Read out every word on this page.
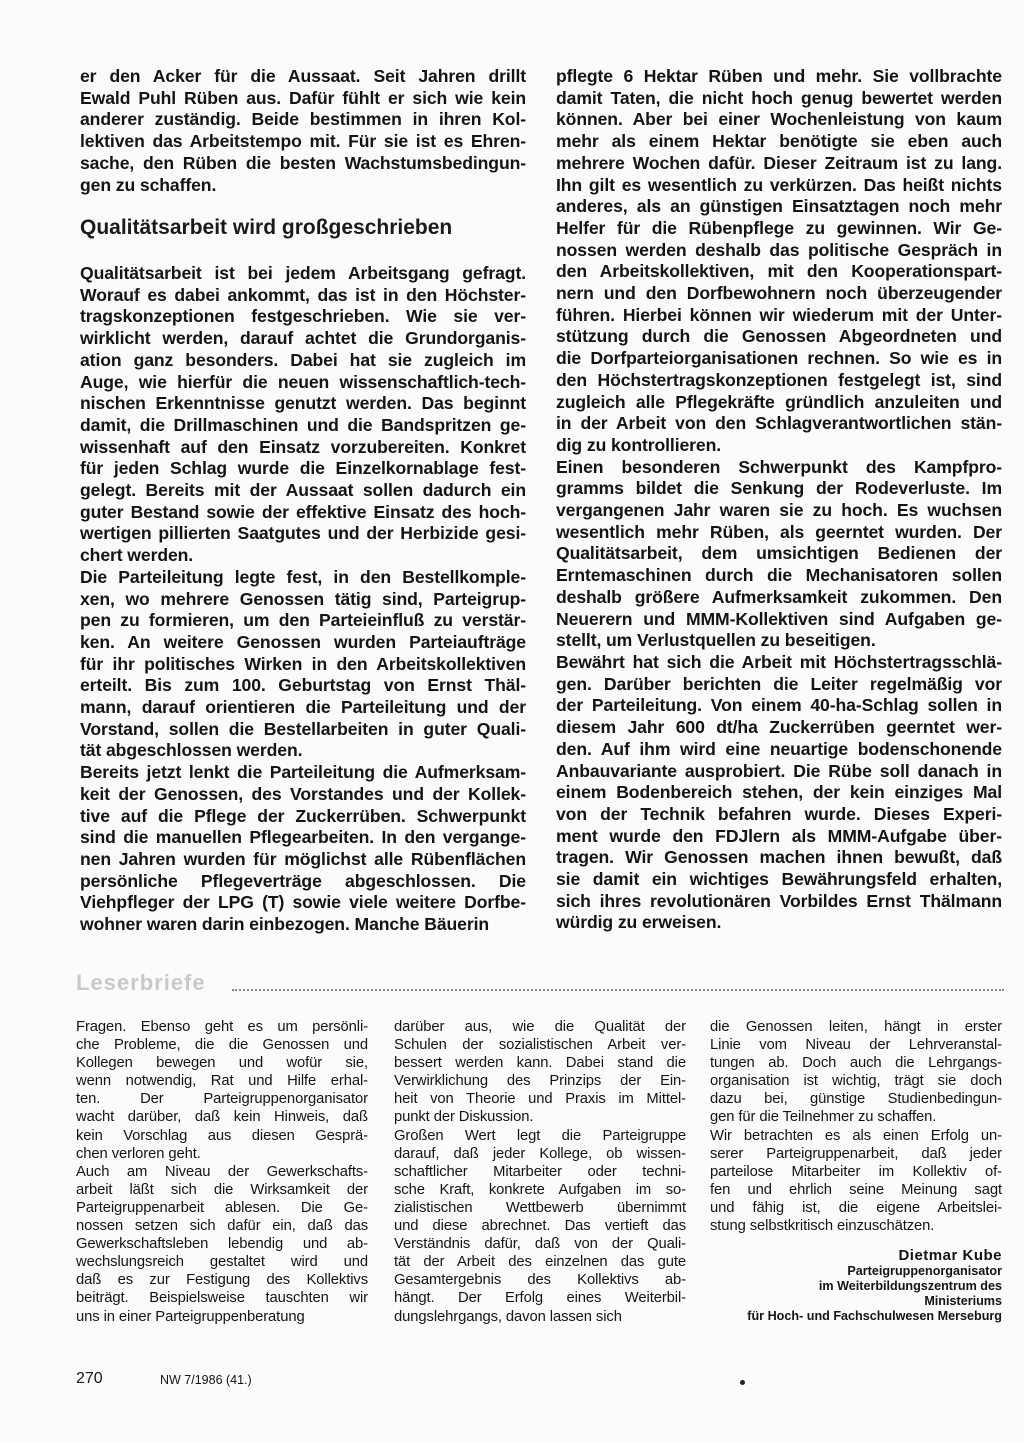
er den Acker für die Aussaat. Seit Jahren drillt
Ewald Puhl Rüben aus. Dafür fühlt er sich wie kein
anderer zuständig. Beide bestimmen in ihren Kol-
lektiven das Arbeitstempo mit. Für sie ist es Ehren-
sache, den Rüben die besten Wachstumsbedingun-
gen zu schaffen.

Qualitätsarbeit wird großgeschrieben

Qualitätsarbeit ist bei jedem Arbeitsgang gefragt.
Worauf es dabei ankommt, das ist in den Höchster-
tragskonzeptionen festgeschrieben. Wie sie ver-
wirklicht werden, darauf achtet die Grundorganis-
ation ganz besonders. Dabei hat sie zugleich im
Auge, wie hierfür die neuen wissenschaftlich-tech-
nischen Erkenntnisse genutzt werden. Das beginnt
damit, die Drillmaschinen und die Bandspritzen ge-
wissenhaft auf den Einsatz vorzubereiten. Konkret
für jeden Schlag wurde die Einzelkornablage fest-
gelegt. Bereits mit der Aussaat sollen dadurch ein
guter Bestand sowie der effektive Einsatz des hoch-
wertigen pillierten Saatgutes und der Herbizide gesi-
chert werden.
Die Parteileitung legte fest, in den Bestellkomple-
xen, wo mehrere Genossen tätig sind, Parteigrup-
pen zu formieren, um den Parteieinfluß zu verstär-
ken. An weitere Genossen wurden Parteiaufträge
für ihr politisches Wirken in den Arbeitskollektiven
erteilt. Bis zum 100. Geburtstag von Ernst Thäl-
mann, darauf orientieren die Parteileitung und der
Vorstand, sollen die Bestellarbeiten in guter Quali-
tät abgeschlossen werden.
Bereits jetzt lenkt die Parteileitung die Aufmerksam-
keit der Genossen, des Vorstandes und der Kollek-
tive auf die Pflege der Zuckerrüben. Schwerpunkt
sind die manuellen Pflegearbeiten. In den vergange-
nen Jahren wurden für möglichst alle Rübenflächen
persönliche Pflegeverträge abgeschlossen. Die
Viehpfleger der LPG (T) sowie viele weitere Dorfbe-
wohner waren darin einbezogen. Manche Bäuerin

pflegte 6 Hektar Rüben und mehr. Sie vollbrachte
damit Taten, die nicht hoch genug bewertet werden
können. Aber bei einer Wochenleistung von kaum
mehr als einem Hektar benötigte sie eben auch
mehrere Wochen dafür. Dieser Zeitraum ist zu lang.
Ihn gilt es wesentlich zu verkürzen. Das heißt nichts
anderes, als an günstigen Einsatztagen noch mehr
Helfer für die Rübenpflege zu gewinnen. Wir Ge-
nossen werden deshalb das politische Gespräch in
den Arbeitskollektiven, mit den Kooperationspart-
nern und den Dorfbewohnern noch überzeugender
führen. Hierbei können wir wiederum mit der Unter-
stützung durch die Genossen Abgeordneten und
die Dorfparteiorganisationen rechnen. So wie es in
den Höchstertragskonzeptionen festgelegt ist, sind
zugleich alle Pflegekräfte gründlich anzuleiten und
in der Arbeit von den Schlagverantwortlichen stän-
dig zu kontrollieren.
Einen besonderen Schwerpunkt des Kampfpro-
gramms bildet die Senkung der Rodeverluste. Im
vergangenen Jahr waren sie zu hoch. Es wuchsen
wesentlich mehr Rüben, als geerntet wurden. Der
Qualitätsarbeit, dem umsichtigen Bedienen der
Erntemaschinen durch die Mechanisatoren sollen
deshalb größere Aufmerksamkeit zukommen. Den
Neuerern und MMM-Kollektiven sind Aufgaben ge-
stellt, um Verlustquellen zu beseitigen.
Bewährt hat sich die Arbeit mit Höchstertragsschlä-
gen. Darüber berichten die Leiter regelmäßig vor
der Parteileitung. Von einem 40-ha-Schlag sollen in
diesem Jahr 600 dt/ha Zuckerrüben geerntet wer-
den. Auf ihm wird eine neuartige bodenschonende
Anbauvariante ausprobiert. Die Rübe soll danach in
einem Bodenbereich stehen, der kein einziges Mal
von der Technik befahren wurde. Dieses Experi-
ment wurde den FDJlern als MMM-Aufgabe über-
tragen. Wir Genossen machen ihnen bewußt, daß
sie damit ein wichtiges Bewährungsfeld erhalten,
sich ihres revolutionären Vorbildes Ernst Thälmann
würdig zu erweisen.

Leserbriefe

Fragen. Ebenso geht es um persönli-
che Probleme, die die Genossen und
Kollegen bewegen und wofür sie,
wenn notwendig, Rat und Hilfe erhal-
ten. Der Parteigruppenorganisator
wacht darüber, daß kein Hinweis, daß
kein Vorschlag aus diesen Gesprä-
chen verloren geht.
Auch am Niveau der Gewerkschafts-
arbeit läßt sich die Wirksamkeit der
Parteigruppenarbeit ablesen. Die Ge-
nossen setzen sich dafür ein, daß das
Gewerkschaftsleben lebendig und ab-
wechslungsreich gestaltet wird und
daß es zur Festigung des Kollektivs
beiträgt. Beispielsweise tauschten wir
uns in einer Parteigruppenberatung

darüber aus, wie die Qualität der
Schulen der sozialistischen Arbeit ver-
bessert werden kann. Dabei stand die
Verwirklichung des Prinzips der Ein-
heit von Theorie und Praxis im Mittel-
punkt der Diskussion.
Großen Wert legt die Parteigruppe
darauf, daß jeder Kollege, ob wissen-
schaftlicher Mitarbeiter oder techni-
sche Kraft, konkrete Aufgaben im so-
zialistischen Wettbewerb übernimmt
und diese abrechnet. Das vertieft das
Verständnis dafür, daß von der Quali-
tät der Arbeit des einzelnen das gute
Gesamtergebnis des Kollektivs ab-
hängt. Der Erfolg eines Weiterbil-
dungslehrgangs, davon lassen sich

die Genossen leiten, hängt in erster
Linie vom Niveau der Lehrveranstal-
tungen ab. Doch auch die Lehrgangs-
organisation ist wichtig, trägt sie doch
dazu bei, günstige Studienbedingun-
gen für die Teilnehmer zu schaffen.
Wir betrachten es als einen Erfolg un-
serer Parteigruppenarbeit, daß jeder
parteilose Mitarbeiter im Kollektiv of-
fen und ehrlich seine Meinung sagt
und fähig ist, die eigene Arbeitslei-
stung selbstkritisch einzuschätzen.

Dietmar Kube
Parteigruppenorganisator
im Weiterbildungszentrum des
Ministeriums
für Hoch- und Fachschulwesen Merseburg
270	NW 7/1986 (41.)
